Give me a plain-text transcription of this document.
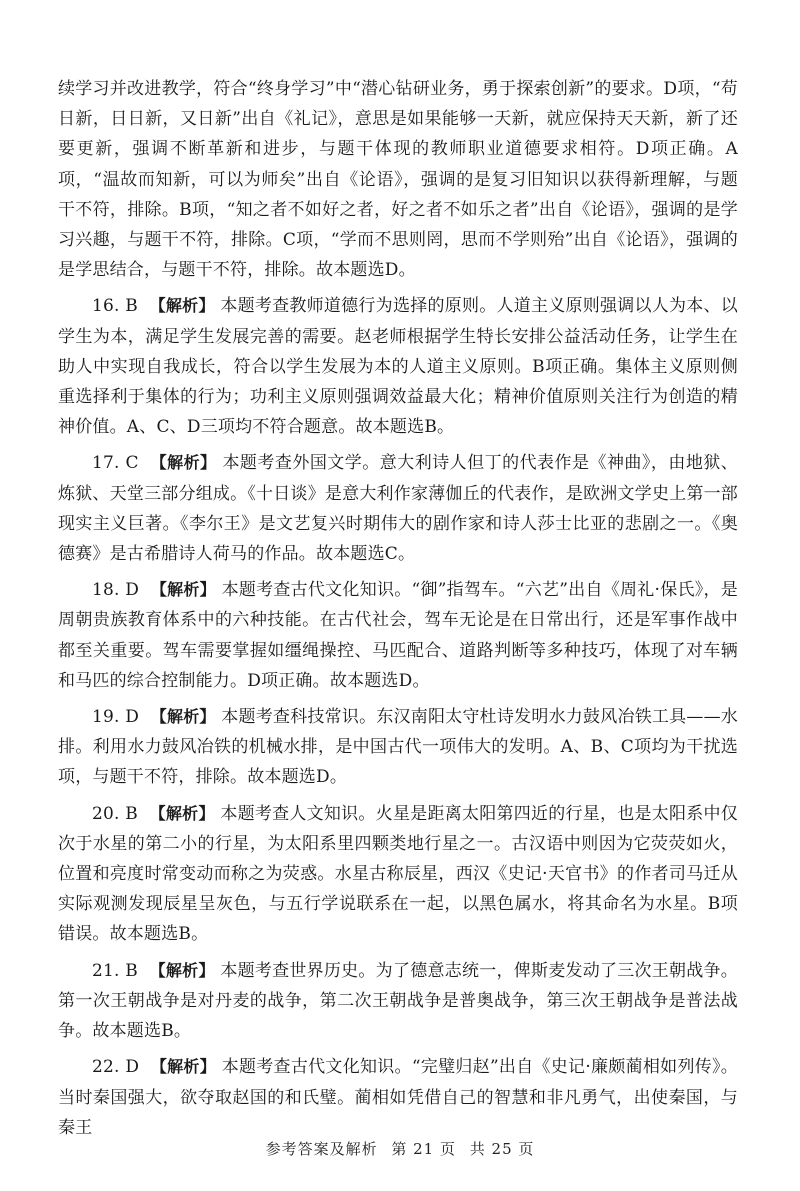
续学习并改进教学，符合“终身学习”中“潜心钻研业务，勇于探索创新”的要求。D项，“苟日新，日日新，又日新”出自《礼记》，意思是如果能够一天新，就应保持天天新，新了还要更新，强调不断革新和进步，与题干体现的教师职业道德要求相符。D项正确。A项，“温故而知新，可以为师矣”出自《论语》，强调的是复习旧知识以获得新理解，与题干不符，排除。B项，“知之者不如好之者，好之者不如乐之者”出自《论语》，强调的是学习兴趣，与题干不符，排除。C项，“学而不思则罔，思而不学则殆”出自《论语》，强调的是学思结合，与题干不符，排除。故本题选D。

16. B 【解析】 本题考查教师道德行为选择的原则。人道主义原则强调以人为本、以学生为本，满足学生发展完善的需要。赵老师根据学生特长安排公益活动任务，让学生在助人中实现自我成长，符合以学生发展为本的人道主义原则。B项正确。集体主义原则侧重选择利于集体的行为；功利主义原则强调效益最大化；精神价值原则关注行为创造的精神价值。A、C、D三项均不符合题意。故本题选B。

17. C 【解析】 本题考查外国文学。意大利诗人但丁的代表作是《神曲》，由地狱、炼狱、天堂三部分组成。《十日谈》是意大利作家薄伽丘的代表作，是欧洲文学史上第一部现实主义巨著。《李尔王》是文艺复兴时期伟大的剧作家和诗人莎士比亚的悲剧之一。《奥德赛》是古希腊诗人荷马的作品。故本题选C。

18. D 【解析】 本题考查古代文化知识。“御”指驾车。“六艺”出自《周礼·保氏》，是周朝贵族教育体系中的六种技能。在古代社会，驾车无论是在日常出行，还是军事作战中都至关重要。驾车需要掌握如缰绳操控、马匹配合、道路判断等多种技巧，体现了对车辆和马匹的综合控制能力。D项正确。故本题选D。

19. D 【解析】 本题考查科技常识。东汉南阳太守杜诗发明水力鼓风冶铁工具——水排。利用水力鼓风冶铁的机械水排，是中国古代一项伟大的发明。A、B、C项均为干扰选项，与题干不符，排除。故本题选D。

20. B 【解析】 本题考查人文知识。火星是距离太阳第四近的行星，也是太阳系中仅次于水星的第二小的行星，为太阳系里四颗类地行星之一。古汉语中则因为它荧荧如火，位置和亮度时常变动而称之为荧惑。水星古称辰星，西汉《史记·天官书》的作者司马迁从实际观测发现辰星呈灰色，与五行学说联系在一起，以黑色属水，将其命名为水星。B项错误。故本题选B。

21. B 【解析】 本题考查世界历史。为了德意志统一，俾斯麦发动了三次王朝战争。第一次王朝战争是对丹麦的战争，第二次王朝战争是普奥战争，第三次王朝战争是普法战争。故本题选B。

22. D 【解析】 本题考查古代文化知识。“完璧归赵”出自《史记·廉颇蔺相如列传》。当时秦国强大，欲夺取赵国的和氏璧。蔺相如凭借自己的智慧和非凡勇气，出使秦国，与秦王

参考答案及解析 第 21 页 共 25 页
